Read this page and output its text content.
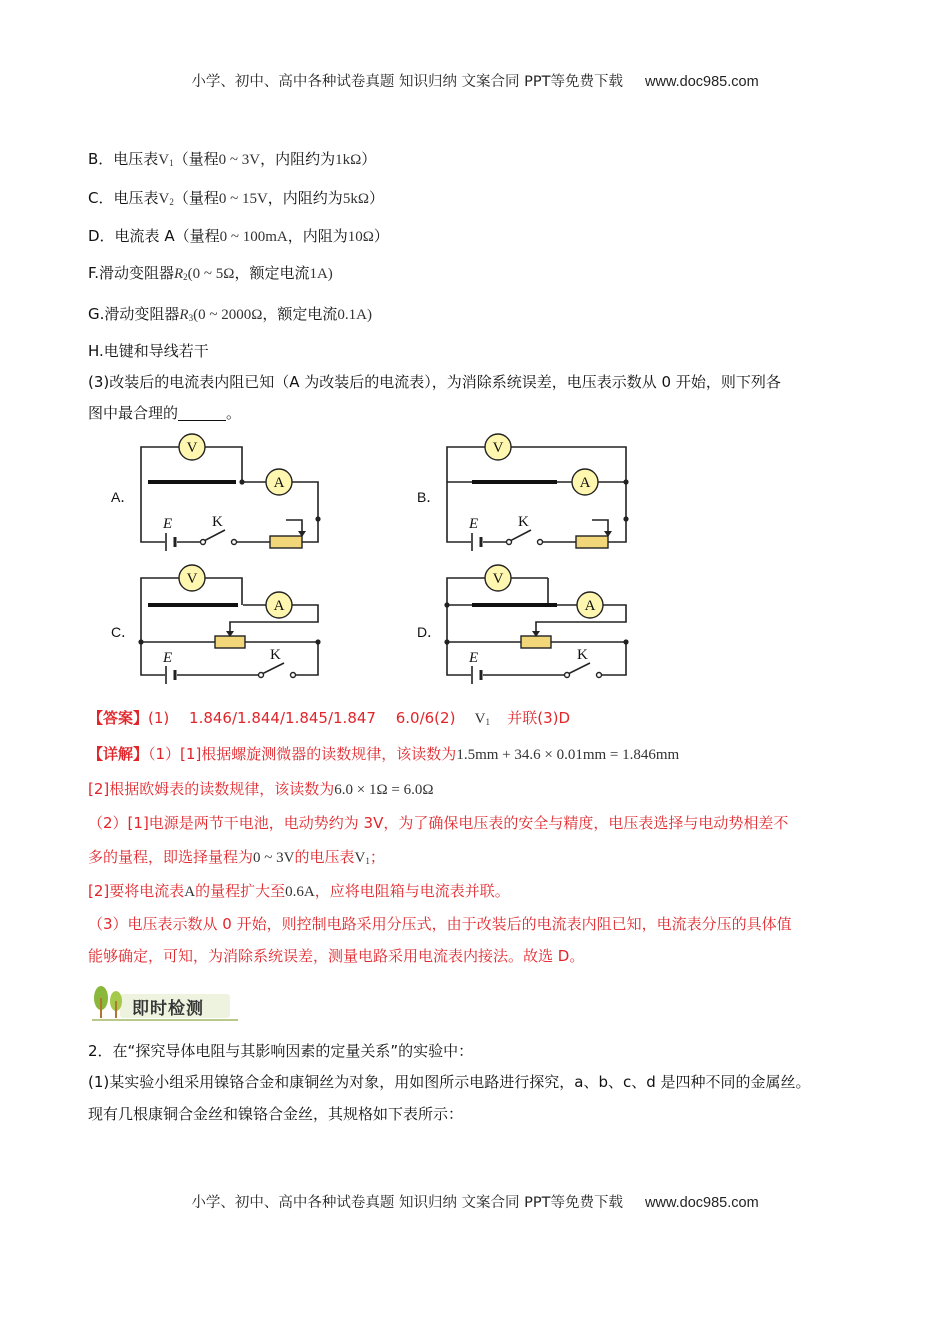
小学、初中、高中各种试卷真题 知识归纳 文案合同 PPT等免费下载 www.doc985.com
B．电压表$V_1$（量程0 ~ 3V，内阻约为1kΩ）
C．电压表$V_2$（量程0 ~ 15V，内阻约为5kΩ）
D．电流表 A（量程0 ~ 100mA，内阻为10Ω）
F.滑动变阻器$R_2(0$ ~ 5Ω，额定电流1A)
G.滑动变阻器$R_3(0$ ~ 2000Ω，额定电流0.1A)
H.电键和导线若干
(3)改装后的电流表内阻已知（A 为改装后的电流表），为消除系统误差，电压表示数从 0 开始，则下列各
图中最合理的	。
A．	B．
C．	D．
V
A
V
A
V
A
V
A
E	K	E	K
E	K	E	K
【答案】(1)　 1.846/1.844/1.845/1.847　 6.0/6(2) $V_1$ 并联(3)D
【详解】（1）[1]根据螺旋测微器的读数规律，该读数为1.5mm + 34.6 × 0.01mm = 1.846mm
[2]根据欧姆表的读数规律，该读数为6.0 × 1Ω = 6.0Ω
（2）[1]电源是两节干电池，电动势约为 3V，为了确保电压表的安全与精度，电压表选择与电动势相差不
多的量程，即选择量程为0 ~ 3V的电压表$V_1$；
[2]要将电流表A的量程扩大至0.6A，应将电阻箱与电流表并联。
（3）电压表示数从 0 开始，则控制电路采用分压式，由于改装后的电流表内阻已知，电流表分压的具体值
能够确定，可知，为消除系统误差，测量电路采用电流表内接法。故选 D。
即时检测
2．在“探究导体电阻与其影响因素的定量关系”的实验中：
(1)某实验小组采用镍铬合金和康铜丝为对象，用如图所示电路进行探究，a、b、c、d 是四种不同的金属丝。
现有几根康铜合金丝和镍铬合金丝，其规格如下表所示：
小学、初中、高中各种试卷真题 知识归纳 文案合同 PPT等免费下载 www.doc985.com
